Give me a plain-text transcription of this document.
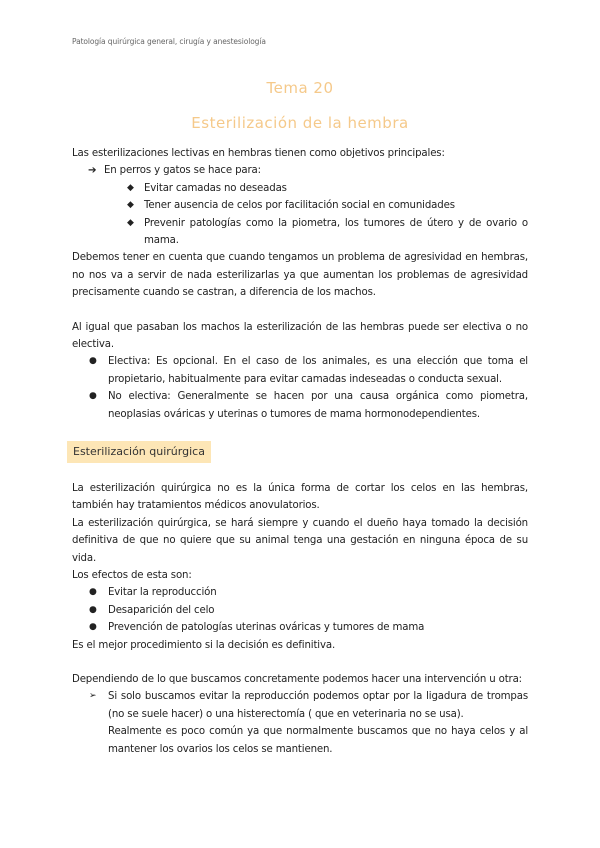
Patología quirúrgica general, cirugía y anestesiología
Tema 20
Esterilización de la hembra

Las esterilizaciones lectivas en hembras tienen como objetivos principales:

➔ En perros y gatos se hace para:
◆ Evitar camadas no deseadas
◆ Tener ausencia de celos por facilitación social en comunidades
◆ Prevenir patologías como la piometra, los tumores de útero y de ovario o mama.

Debemos tener en cuenta que cuando tengamos un problema de agresividad en hembras, no nos va a servir de nada esterilizarlas ya que aumentan los problemas de agresividad precisamente cuando se castran, a diferencia de los machos.

Al igual que pasaban los machos la esterilización de las hembras puede ser electiva o no electiva.

● Electiva: Es opcional. En el caso de los animales, es una elección que toma el propietario, habitualmente para evitar camadas indeseadas o conducta sexual.
● No electiva: Generalmente se hacen por una causa orgánica como piometra, neoplasias ováricas y uterinas o tumores de mama hormonodependientes.
Esterilización quirúrgica

La esterilización quirúrgica no es la única forma de cortar los celos en las hembras, también hay tratamientos médicos anovulatorios.

La esterilización quirúrgica, se hará siempre y cuando el dueño haya tomado la decisión definitiva de que no quiere que su animal tenga una gestación en ninguna época de su vida.

Los efectos de esta son:

● Evitar la reproducción
● Desaparición del celo
● Prevención de patologías uterinas ováricas y tumores de mama

Es el mejor procedimiento si la decisión es definitiva.

Dependiendo de lo que buscamos concretamente podemos hacer una intervención u otra:

➢ Si solo buscamos evitar la reproducción podemos optar por la ligadura de trompas (no se suele hacer) o una histerectomía ( que en veterinaria no se usa).
Realmente es poco común ya que normalmente buscamos que no haya celos y al mantener los ovarios los celos se mantienen.
